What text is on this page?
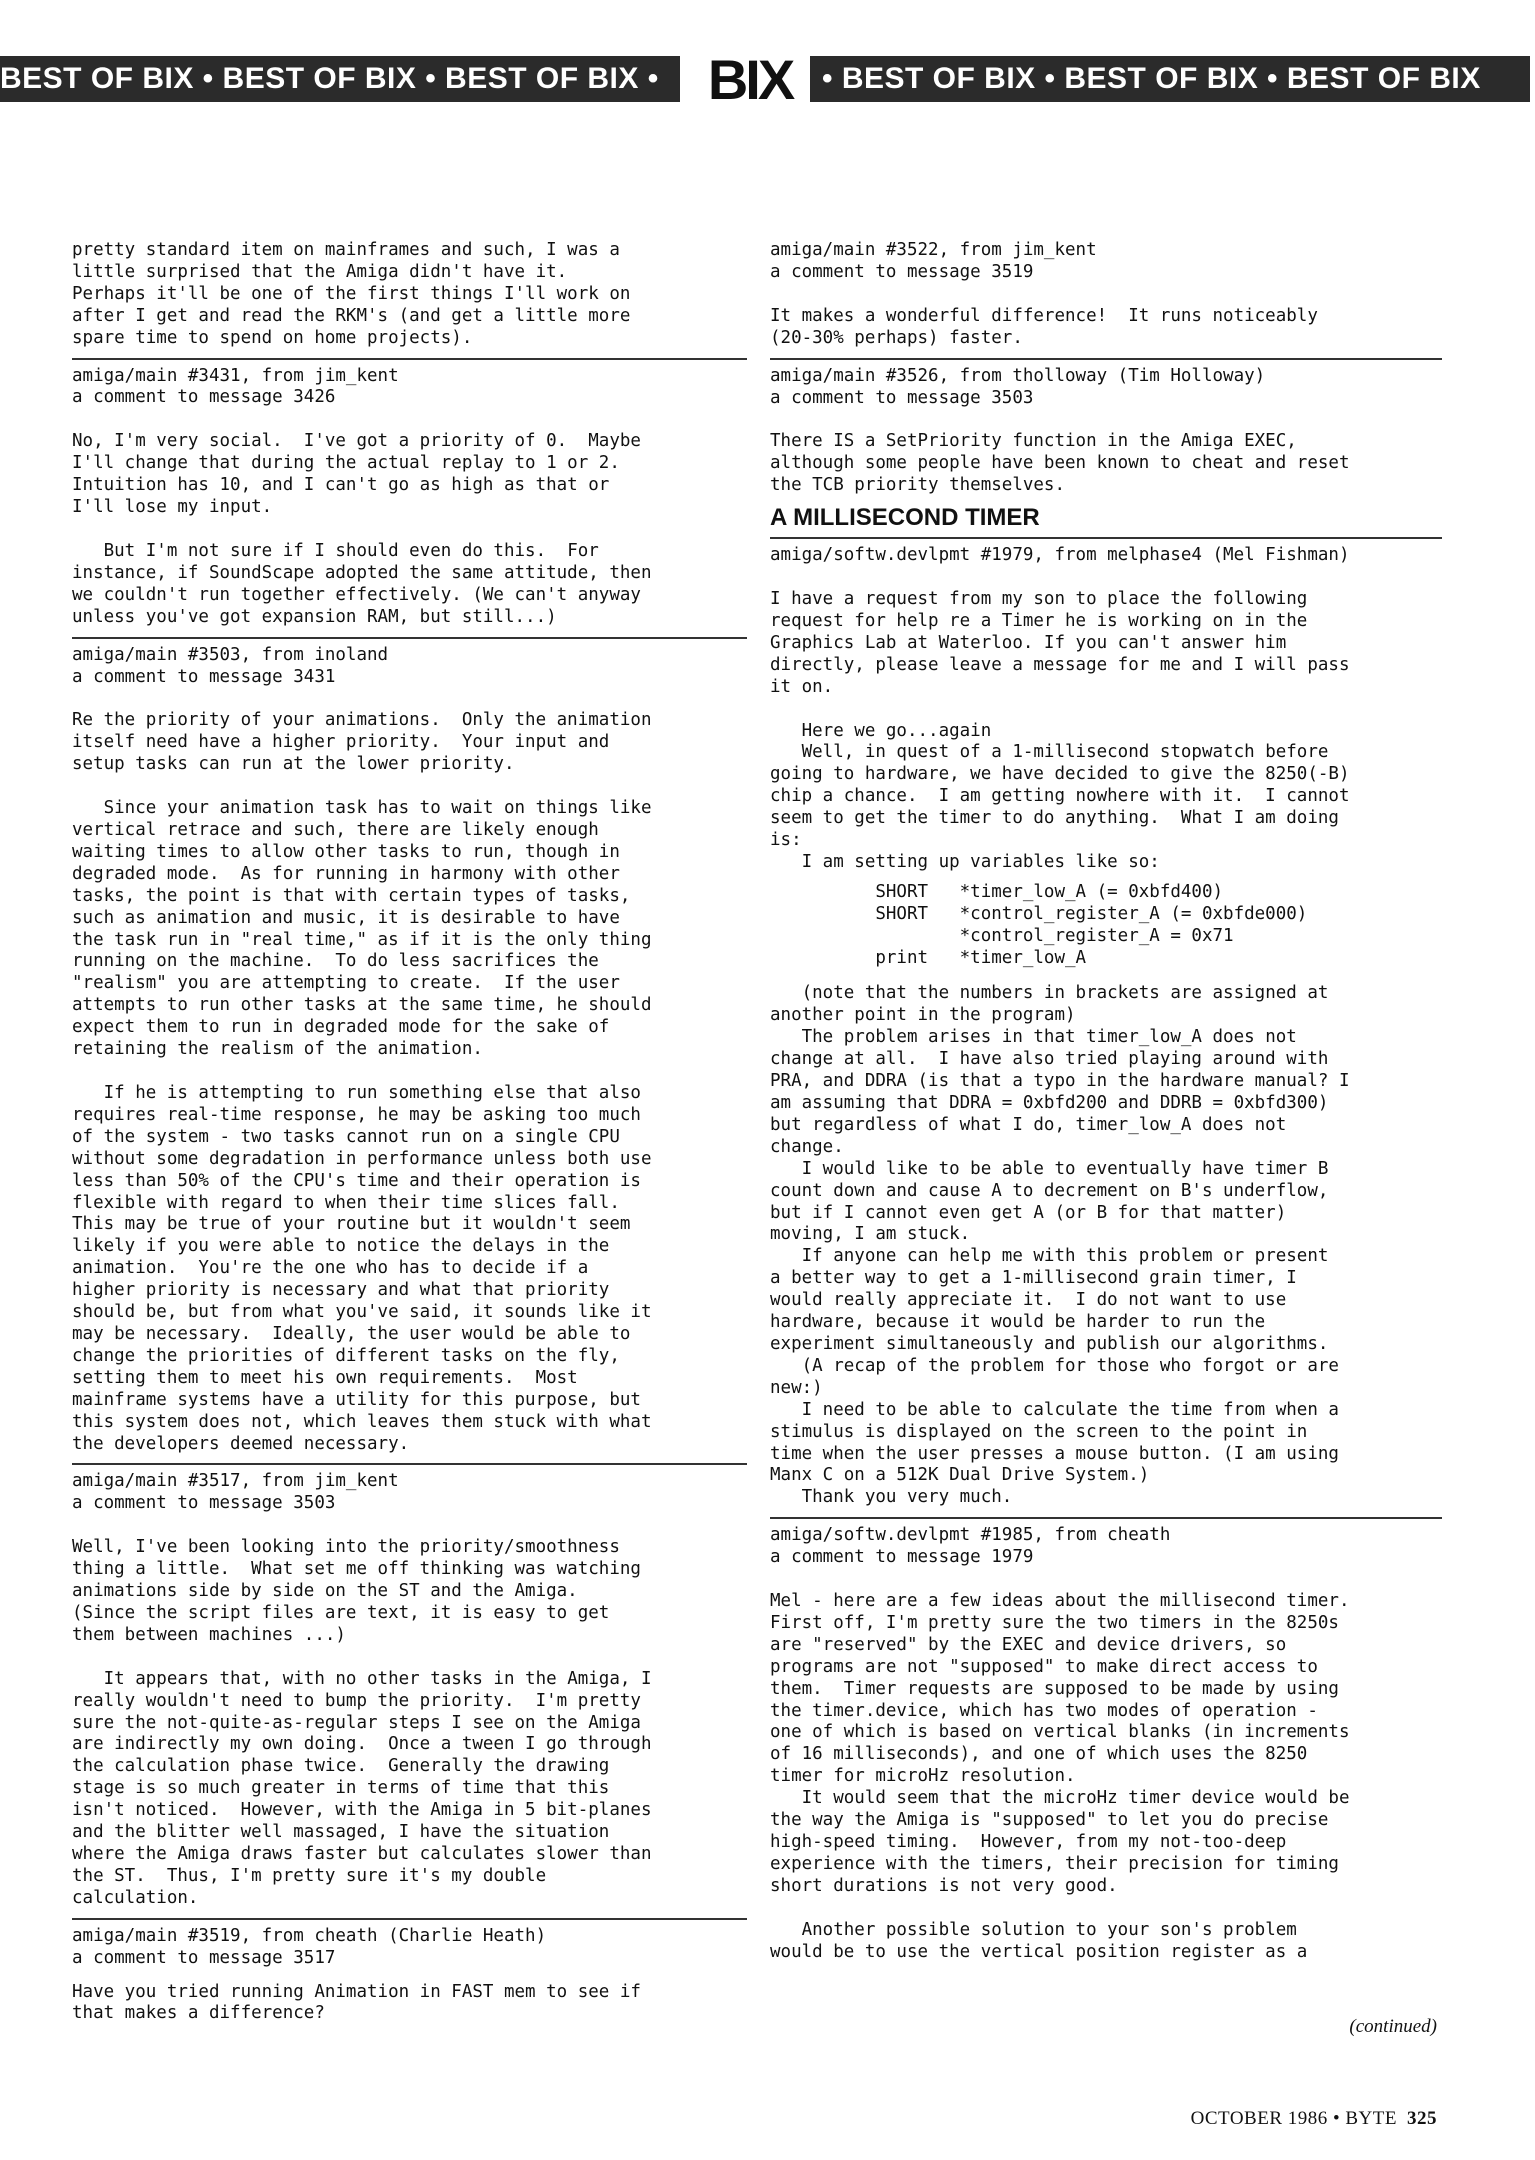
BEST OF BIX • BEST OF BIX • BEST OF BIX • BIX • BEST OF BIX • BEST OF BIX • BEST OF BIX

pretty standard item on mainframes and such, I was a
little surprised that the Amiga didn't have it.
Perhaps it'll be one of the first things I'll work on
after I get and read the RKM's (and get a little more
spare time to spend on home projects).

amiga/main #3431, from jim_kent
a comment to message 3426

No, I'm very social.  I've got a priority of 0.  Maybe
I'll change that during the actual replay to 1 or 2.
Intuition has 10, and I can't go as high as that or
I'll lose my input.

But I'm not sure if I should even do this.  For
instance, if SoundScape adopted the same attitude, then
we couldn't run together effectively. (We can't anyway
unless you've got expansion RAM, but still...)

amiga/main #3503, from inoland
a comment to message 3431

Re the priority of your animations.  Only the animation
itself need have a higher priority.  Your input and
setup tasks can run at the lower priority.

Since your animation task has to wait on things like
vertical retrace and such, there are likely enough
waiting times to allow other tasks to run, though in
degraded mode.  As for running in harmony with other
tasks, the point is that with certain types of tasks,
such as animation and music, it is desirable to have
the task run in "real time," as if it is the only thing
running on the machine.  To do less sacrifices the
"realism" you are attempting to create.  If the user
attempts to run other tasks at the same time, he should
expect them to run in degraded mode for the sake of
retaining the realism of the animation.

If he is attempting to run something else that also
requires real-time response, he may be asking too much
of the system - two tasks cannot run on a single CPU
without some degradation in performance unless both use
less than 50% of the CPU's time and their operation is
flexible with regard to when their time slices fall.
This may be true of your routine but it wouldn't seem
likely if you were able to notice the delays in the
animation.  You're the one who has to decide if a
higher priority is necessary and what that priority
should be, but from what you've said, it sounds like it
may be necessary.  Ideally, the user would be able to
change the priorities of different tasks on the fly,
setting them to meet his own requirements.  Most
mainframe systems have a utility for this purpose, but
this system does not, which leaves them stuck with what
the developers deemed necessary.

amiga/main #3517, from jim_kent
a comment to message 3503

Well, I've been looking into the priority/smoothness
thing a little.  What set me off thinking was watching
animations side by side on the ST and the Amiga.
(Since the script files are text, it is easy to get
them between machines ...)

It appears that, with no other tasks in the Amiga, I
really wouldn't need to bump the priority.  I'm pretty
sure the not-quite-as-regular steps I see on the Amiga
are indirectly my own doing.  Once a tween I go through
the calculation phase twice.  Generally the drawing
stage is so much greater in terms of time that this
isn't noticed.  However, with the Amiga in 5 bit-planes
and the blitter well massaged, I have the situation
where the Amiga draws faster but calculates slower than
the ST.  Thus, I'm pretty sure it's my double
calculation.

amiga/main #3519, from cheath (Charlie Heath)
a comment to message 3517

Have you tried running Animation in FAST mem to see if
that makes a difference?

amiga/main #3522, from jim_kent
a comment to message 3519

It makes a wonderful difference!  It runs noticeably
(20-30% perhaps) faster.

amiga/main #3526, from tholloway (Tim Holloway)
a comment to message 3503

There IS a SetPriority function in the Amiga EXEC,
although some people have been known to cheat and reset
the TCB priority themselves.

A MILLISECOND TIMER

amiga/softw.devlpmt #1979, from melphase4 (Mel Fishman)

I have a request from my son to place the following
request for help re a Timer he is working on in the
Graphics Lab at Waterloo. If you can't answer him
directly, please leave a message for me and I will pass
it on.

Here we go...again
Well, in quest of a 1-millisecond stopwatch before
going to hardware, we have decided to give the 8250(-B)
chip a chance.  I am getting nowhere with it.  I cannot
seem to get the timer to do anything.  What I am doing
is:
I am setting up variables like so:

SHORT   *timer_low_A (= 0xbfd400)
SHORT   *control_register_A (= 0xbfde000)
*control_register_A = 0x71
print   *timer_low_A

(note that the numbers in brackets are assigned at
another point in the program)
The problem arises in that timer_low_A does not
change at all.  I have also tried playing around with
PRA, and DDRA (is that a typo in the hardware manual? I
am assuming that DDRA = 0xbfd200 and DDRB = 0xbfd300)
but regardless of what I do, timer_low_A does not
change.
I would like to be able to eventually have timer B
count down and cause A to decrement on B's underflow,
but if I cannot even get A (or B for that matter)
moving, I am stuck.
If anyone can help me with this problem or present
a better way to get a 1-millisecond grain timer, I
would really appreciate it.  I do not want to use
hardware, because it would be harder to run the
experiment simultaneously and publish our algorithms.
(A recap of the problem for those who forgot or are
new:)
I need to be able to calculate the time from when a
stimulus is displayed on the screen to the point in
time when the user presses a mouse button. (I am using
Manx C on a 512K Dual Drive System.)
Thank you very much.

amiga/softw.devlpmt #1985, from cheath
a comment to message 1979

Mel - here are a few ideas about the millisecond timer.
First off, I'm pretty sure the two timers in the 8250s
are "reserved" by the EXEC and device drivers, so
programs are not "supposed" to make direct access to
them.  Timer requests are supposed to be made by using
the timer.device, which has two modes of operation -
one of which is based on vertical blanks (in increments
of 16 milliseconds), and one of which uses the 8250
timer for microHz resolution.
It would seem that the microHz timer device would be
the way the Amiga is "supposed" to let you do precise
high-speed timing.  However, from my not-too-deep
experience with the timers, their precision for timing
short durations is not very good.

Another possible solution to your son's problem
would be to use the vertical position register as a

(continued)
OCTOBER 1986 • BYTE 325
